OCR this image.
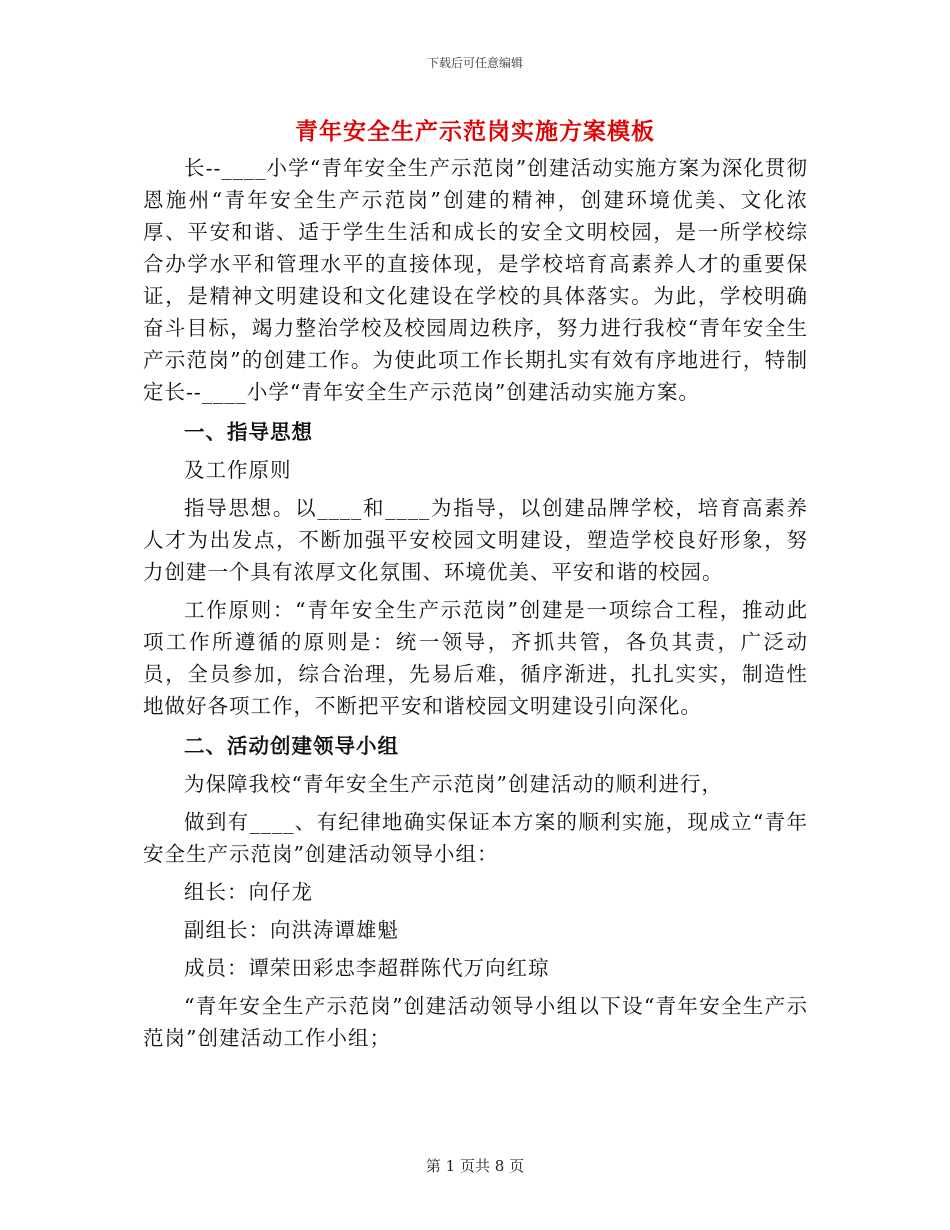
下载后可任意编辑
青年安全生产示范岗实施方案模板

长--____小学“青年安全生产示范岗”创建活动实施方案为深化贯彻恩施州“青年安全生产示范岗”创建的精神，创建环境优美、文化浓厚、平安和谐、适于学生生活和成长的安全文明校园，是一所学校综合办学水平和管理水平的直接体现，是学校培育高素养人才的重要保证，是精神文明建设和文化建设在学校的具体落实。为此，学校明确奋斗目标，竭力整治学校及校园周边秩序，努力进行我校“青年安全生产示范岗”的创建工作。为使此项工作长期扎实有效有序地进行，特制定长--____小学“青年安全生产示范岗”创建活动实施方案。

一、指导思想

及工作原则

指导思想。以____和____为指导，以创建品牌学校，培育高素养人才为出发点，不断加强平安校园文明建设，塑造学校良好形象，努力创建一个具有浓厚文化氛围、环境优美、平安和谐的校园。

工作原则：“青年安全生产示范岗”创建是一项综合工程，推动此项工作所遵循的原则是：统一领导，齐抓共管，各负其责，广泛动员，全员参加，综合治理，先易后难，循序渐进，扎扎实实，制造性地做好各项工作，不断把平安和谐校园文明建设引向深化。

二、活动创建领导小组

为保障我校“青年安全生产示范岗”创建活动的顺利进行，

做到有____、有纪律地确实保证本方案的顺利实施，现成立“青年安全生产示范岗”创建活动领导小组：

组长：向仔龙

副组长：向洪涛谭雄魁

成员：谭荣田彩忠李超群陈代万向红琼

“青年安全生产示范岗”创建活动领导小组以下设“青年安全生产示范岗”创建活动工作小组；

第 1 页共 8 页
